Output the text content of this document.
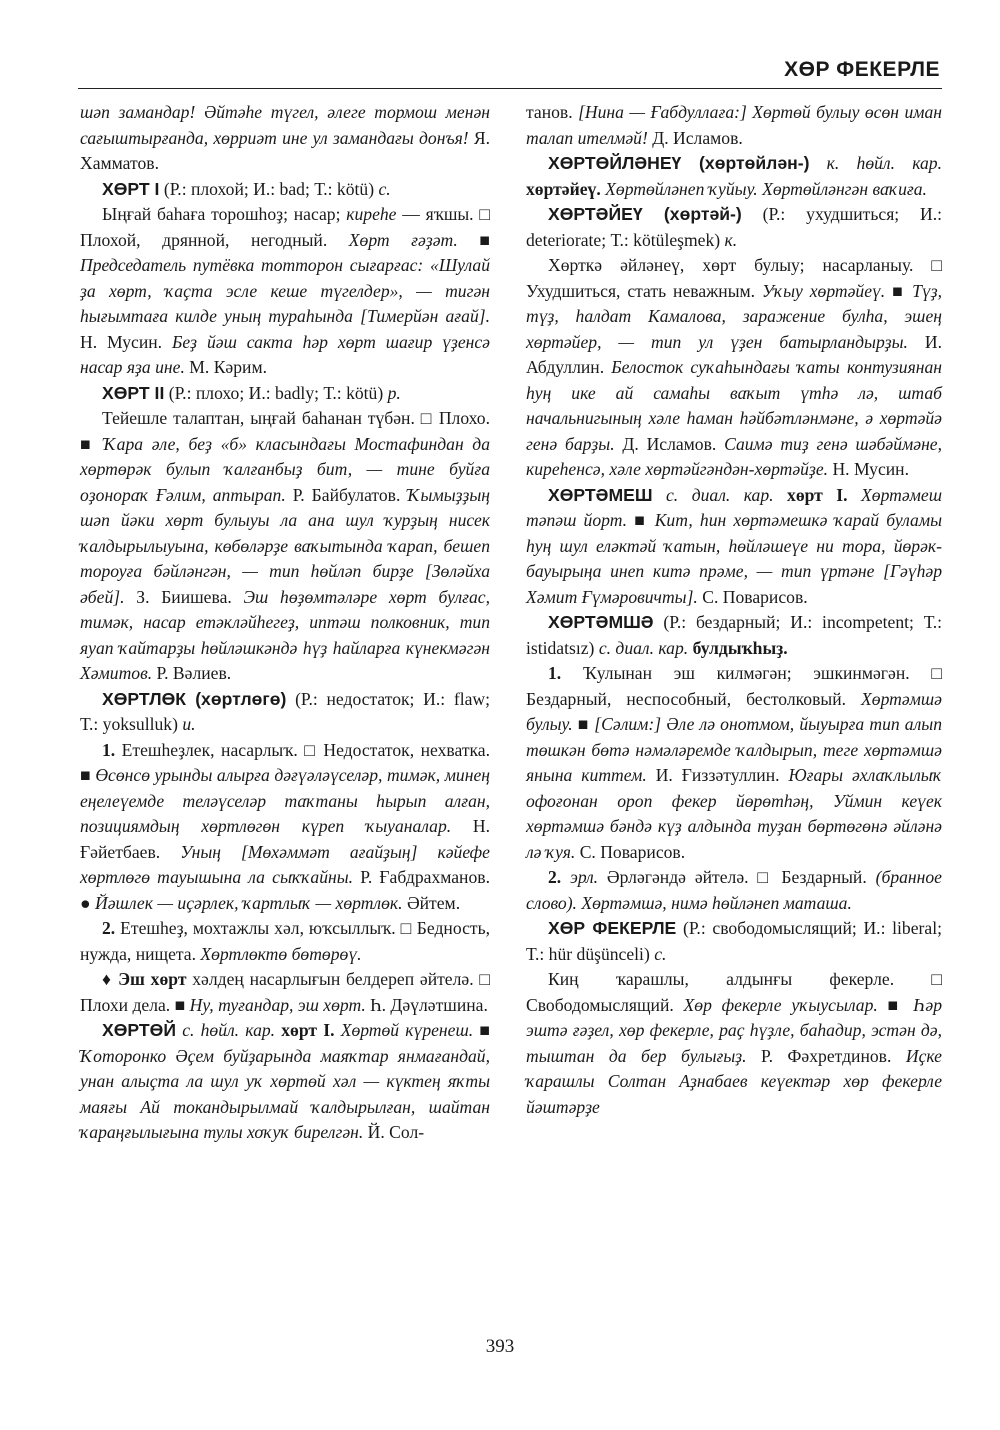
ХӨР ФЕКЕРЛЕ

шәп замандар! Әйтәһе түгел, әлеге тормош менән сағыштырғанда, хөрриәт ине ул замандағы донъя! Я. Хамматов.

ХӨРТ I (Р.: плохой; И.: bad; Т.: kötü) с.

Ыңғай баһаға торошһоҙ; насар; киреһе — яҡшы. □ Плохой, дрянной, негодный. Хөрт ғәҙәт. ■ Председатель путёвка тотторон сығарғас: «Шулай ҙа хөрт, ҡаҫта эсле кеше түгелдер», — тигән һығымтаға килде уның тураһында [Тимерйән ағай]. Н. Мусин. Беҙ йәш сакта һәр хөрт шағир үҙенсә насар яҙа ине. М. Кәрим.

ХӨРТ II (Р.: плохо; И.: badly; Т.: kötü) р.

Тейешле талаптан, ыңғай баһанан түбән. □ Плохо. ■ Ҡара әле, беҙ «б» класындағы Мостафиндан да хөртөрәк булып ҡалғанбыҙ бит, — тине буйға оҙонораҡ Ғәлим, аптырап. Р. Байбулатов. Ҡымыҙҙың шәп йәки хөрт булыуы ла ана шул ҡурҙың нисек ҡалдырылыуына, көбөләрҙе ваҡытында ҡарап, бешеп тороуға бәйләнгән, — тип һөйләп бирҙе [Зөләйха әбей]. З. Биишева. Эш һөҙөмтәләре хөрт булғас, тимәк, насар етәкләйһегеҙ, иптәш полковник, тип яуап ҡайтарҙы һөйләшкәндә һүҙ һайларға күнекмәгән Хәмитов. Р. Вәлиев.

ХӨРТЛӨК (хөртлөгө) (Р.: недостаток; И.: flaw; Т.: yoksulluk) и.

1. Етешһеҙлек, насарлыҡ. □ Недостаток, нехватка. ■ Өсөнсө урынды алырға дәғүәләүселәр, тимәк, минең еңелеүемде теләүселәр таҡтаны һырып алған, позициямдың хөртлөгөн күреп ҡыуаналар. Н. Ғәйетбаев. Уның [Мөхәммәт ағайҙың] кәйефе хөртлөгө тауышына ла сыҡҡайны. Р. Ғабдрахманов. ● Йәшлек — иҫәрлек, ҡартлыҡ — хөртлөк. Әйтем.

2. Етешһеҙ, мохтажлы хәл, юҡсыллыҡ. □ Бедность, нужда, нищета. Хөртлөктө бөтөрөү.

♦ Эш хөрт хәлдең насарлығын белдереп әйтелә. □ Плохи дела. ■ Ну, туғандар, эш хөрт. Һ. Дәүләтшина.

ХӨРТӨЙ с. һөйл. кар. хөрт I. Хөртөй күренеш. ■ Ҡоторонко Әҫем буйҙарында маяҡтар янмағандай, унан алыҫта ла шул уҡ хөртөй хәл — күктең яҡты маяғы Ай токандырылмай ҡалдырылған, шайтан ҡараңғылығына тулы хоҡуҡ бирелгән. Й. Сол-

танов. [Нина — Ғабдуллаға:] Хөртөй булыу өсөн иман талап ителмәй! Д. Исламов.

ХӨРТӨЙЛӘНЕҮ (хөртөйлән-) к. һөйл. кар. хөртәйеү. Хөртөйләнеп ҡуйыу. Хөртөйләнгән ваҡиға.

ХӨРТӘЙЕҮ (хөртәй-) (Р.: ухудшиться; И.: deteriorate; Т.: kötüleşmek) к.

Хөрткә әйләнеү, хөрт булыу; насарланыу. □ Ухудшиться, стать неважным. Уҡыу хөртәйеү. ■ Түҙ, түҙ, һалдат Камалова, заражение булһа, эшең хөртәйер, — тип ул үҙен батырландырҙы. И. Абдуллин. Белосток суҡаһындағы ҡаты контузиянан һуң ике ай самаһы ваҡыт үтһә лә, штаб начальнигының хәле һаман һәйбәтләнмәне, ә хөртәйә генә барҙы. Д. Исламов. Саимә тиҙ генә шәбәймәне, киреһенсә, хәле хөртәйгәндән-хөртәйҙе. Н. Мусин.

ХӨРТӘМЕШ с. диал. кар. хөрт I. Хөртәмеш тәпәш йорт. ■ Кит, һин хөртәмешкә ҡарай буламы һуң шул еләктәй ҡатын, һөйләшеүе ни тора, йөрәк-бауырыңа инеп китә прәме, — тип үртәне [Гәүһәр Хәмит Ғүмәровичты]. С. Поварисов.

ХӨРТӘМШӘ (Р.: бездарный; И.: incompetent; Т.: istidatsız) с. диал. кар. булдыҡһыҙ.

1. Ҡулынан эш килмәгән; эшкинмәгән. □ Бездарный, неспособный, бестолковый. Хөртәмшә булыу. ■ [Сәлим:] Әле лә онотмом, йыуырға тип алып төшкән бөтә нәмәләремде ҡалдырып, теге хөртәмшә янына киттем. И. Ғиззәтуллин. Юғары әхлаҡлылыҡ офоғонан ороп фекер йөрөтһәң, Уймин кеүек хөртәмшә бәндә күҙ алдында туҙан бөртөгөнә әйләнә лә ҡуя. С. Поварисов.

2. эрл. Әрләгәндә әйтелә. □ Бездарный. (бранное слово). Хөртәмшә, нимә һөйләнеп маташа.

ХӨР ФЕКЕРЛЕ (Р.: свободомыслящий; И.: liberal; Т.: hür düşünceli) с.

Киң ҡарашлы, алдынғы фекерле. □ Свободомыслящий. Хөр фекерле уҡыусылар. ■ Һәр эштә ғәҙел, хөр фекерле, раҫ һүҙле, баһадир, эстән дә, тыштан да бер булығыҙ. Р. Фәхретдинов. Иҫке ҡарашлы Солтан Аҙнабаев кеүектәр хөр фекерле йәштәрҙе

393
